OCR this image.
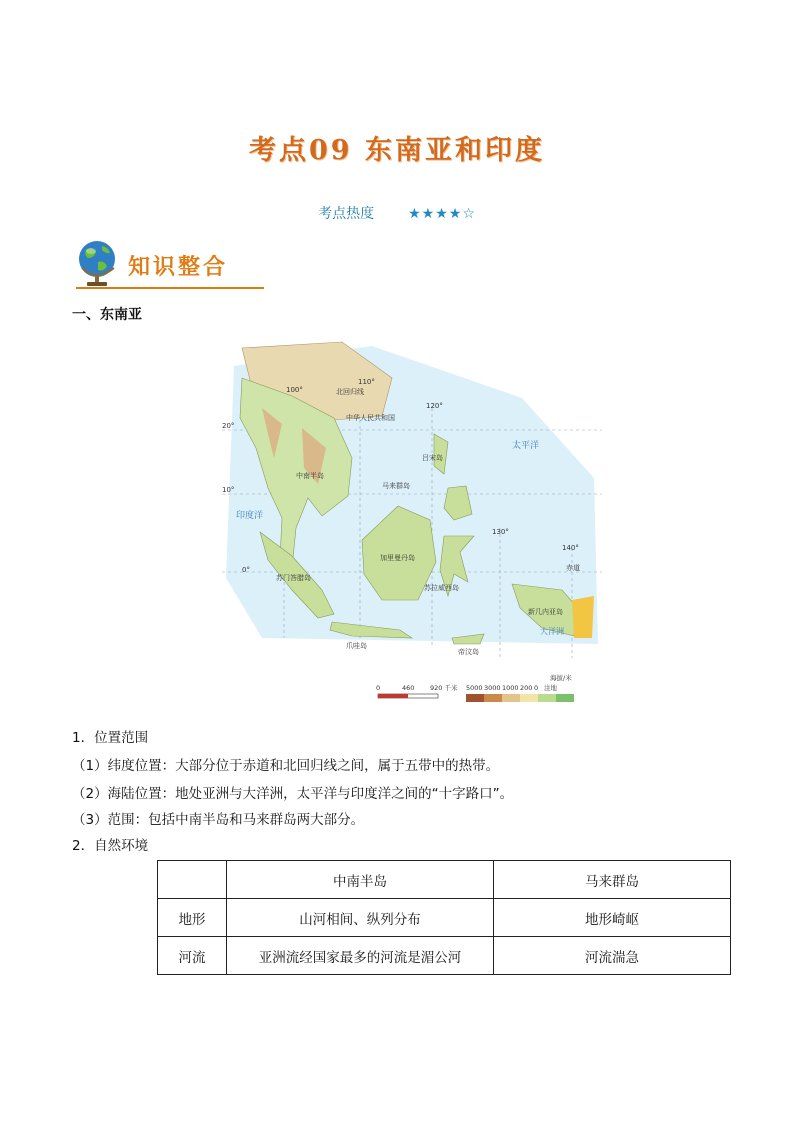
考点09 东南亚和印度
考点热度 ★★★★☆
知识整合
一、东南亚
中华人民共和国
北回归线
中南半岛
马来群岛
太平洋
印度洋
苏门答腊岛
加里曼丹岛
苏拉威西岛
新几内亚岛
吕宋岛
爪哇岛
帝汶岛
赤道
大洋洲
110°
100°
120°
20°
10°
130°
140°
0°
0	460 920 千米
海拔/米
5000 3000 1000 200 0 注地
1．位置范围
（1）纬度位置：大部分位于赤道和北回归线之间，属于五带中的热带。
（2）海陆位置：地处亚洲与大洋洲，太平洋与印度洋之间的“十字路口”。
（3）范围：包括中南半岛和马来群岛两大部分。
2．自然环境
	中南半岛	马来群岛
地形	山河相间、纵列分布	地形崎岖
河流	亚洲流经国家最多的河流是湄公河	河流湍急
